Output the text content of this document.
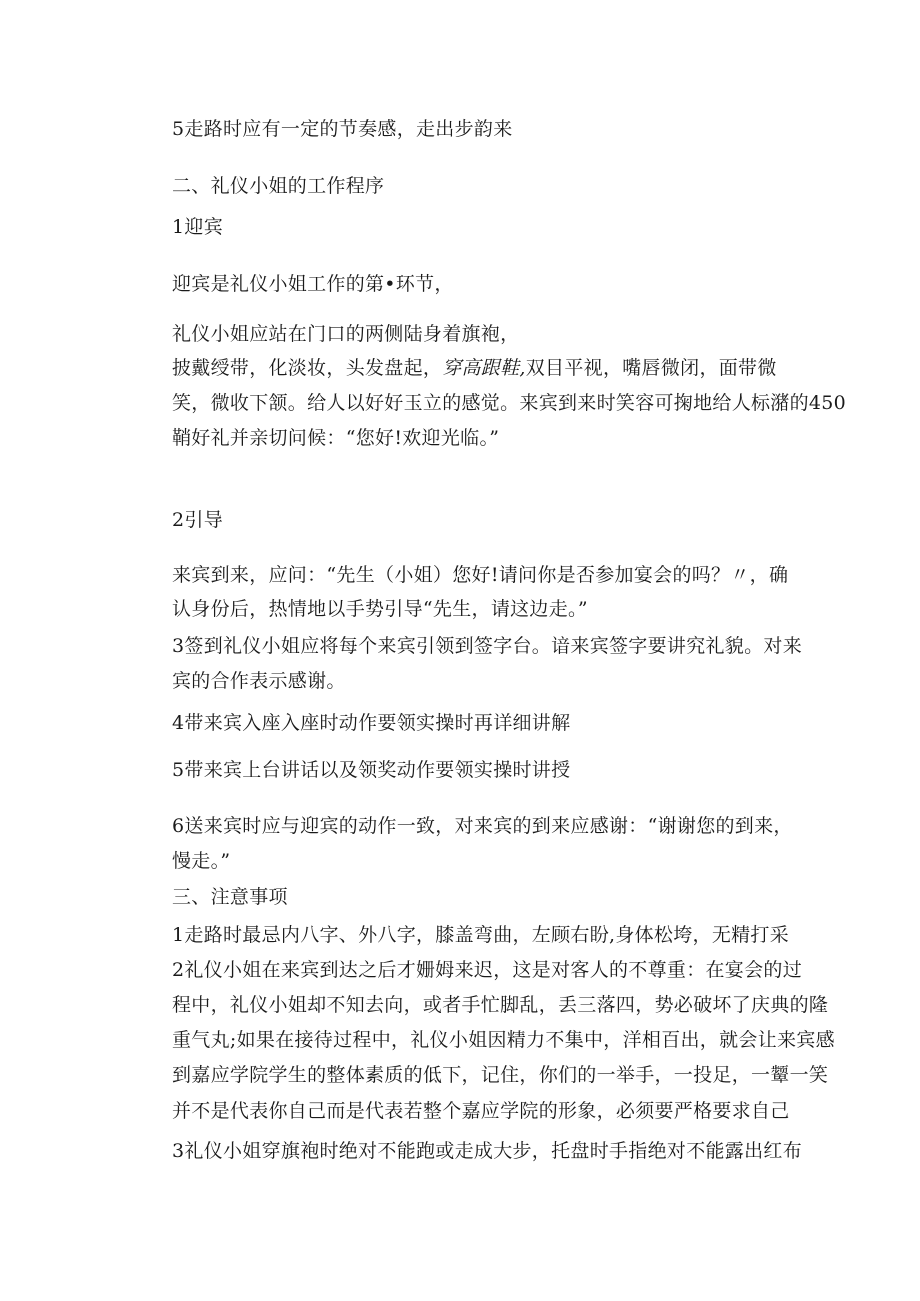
5走路时应有一定的节奏感，走出步韵来
二、礼仪小姐的工作程序
1迎宾
迎宾是礼仪小姐工作的第•环节，
礼仪小姐应站在门口的两侧陆身着旗袍，
披戴绶带，化淡妆，头发盘起，穿高跟鞋,双目平视，嘴唇微闭，面带微
笑，微收下颔。给人以好好玉立的感觉。来宾到来时笑容可掬地给人标潴的450
鞘好礼并亲切问候：“您好!欢迎光临。”
2引导
来宾到来，应问：“先生（小姐）您好!请问你是否参加宴会的吗？〃，确
认身份后，热情地以手势引导“先生，请这边走。”
3签到礼仪小姐应将每个来宾引领到签字台。谙来宾签字要讲究礼貌。对来
宾的合作表示感谢。
4带来宾入座入座时动作要领实操时再详细讲解
5带来宾上台讲话以及领奖动作要领实操时讲授
6送来宾时应与迎宾的动作一致，对来宾的到来应感谢：“谢谢您的到来，
慢走。”
三、注意事项
1走路时最忌内八字、外八字，膝盖弯曲，左顾右盼,身体松垮，无精打采
2礼仪小姐在来宾到达之后才姗姆来迟，这是对客人的不尊重：在宴会的过
程中，礼仪小姐却不知去向，或者手忙脚乱，丢三落四，势必破坏了庆典的隆
重气丸;如果在接待过程中，礼仪小姐因精力不集中，洋相百出，就会让来宾感
到嘉应学院学生的整体素质的低下，记住，你们的一举手，一投足，一颦一笑
并不是代表你自己而是代表若整个嘉应学院的形象，必须要严格要求自己
3礼仪小姐穿旗袍时绝对不能跑或走成大步，托盘时手指绝对不能露出红布
